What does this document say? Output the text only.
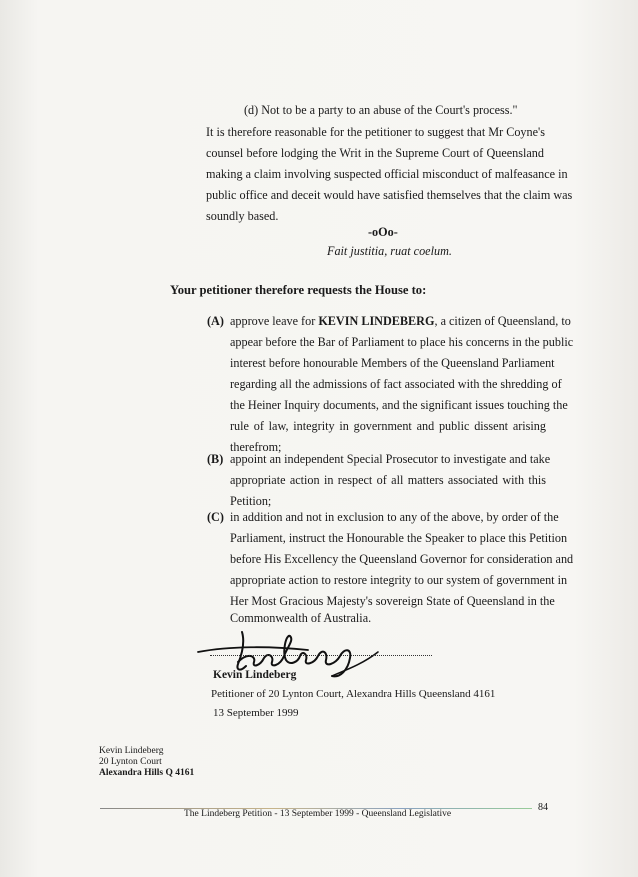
(d) Not to be a party to an abuse of the Court's process."
It is therefore reasonable for the petitioner to suggest that Mr Coyne's
counsel before lodging the Writ in the Supreme Court of Queensland
making a claim involving suspected official misconduct of malfeasance in
public office and deceit would have satisfied themselves that the claim was
soundly based.
-oOo-
Fait justitia, ruat coelum.
Your petitioner therefore requests the House to:
(A) approve leave for KEVIN LINDEBERG, a citizen of Queensland, to
appear before the Bar of Parliament to place his concerns in the public
interest before honourable Members of the Queensland Parliament
regarding all the admissions of fact associated with the shredding of
the Heiner Inquiry documents, and the significant issues touching the
rule of law, integrity in government and public dissent arising
therefrom;
(B) appoint an independent Special Prosecutor to investigate and take
appropriate action in respect of all matters associated with this
Petition;
(C) in addition and not in exclusion to any of the above, by order of the
Parliament, instruct the Honourable the Speaker to place this Petition
before His Excellency the Queensland Governor for consideration and
appropriate action to restore integrity to our system of government in
Her Most Gracious Majesty's sovereign State of Queensland in the
Commonwealth of Australia.
Kevin Lindeberg
Petitioner of 20 Lynton Court, Alexandra Hills Queensland 4161
13 September 1999
Kevin Lindeberg
20 Lynton Court
Alexandra Hills Q 4161
The Lindeberg Petition - 13 September 1999 - Queensland Legislative
84
